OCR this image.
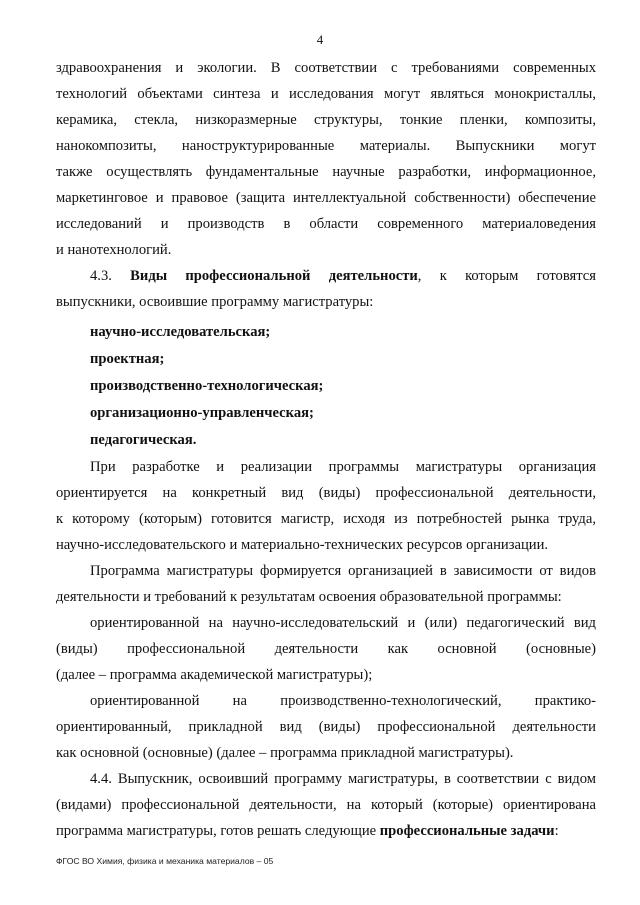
4
здравоохранения и экологии. В соответствии с требованиями современных
технологий объектами синтеза и исследования могут являться монокристаллы,
керамика, стекла, низкоразмерные структуры, тонкие пленки, композиты,
нанокомпозиты, наноструктурированные материалы. Выпускники могут
также осуществлять фундаментальные научные разработки, информационное,
маркетинговое и правовое (защита интеллектуальной собственности) обеспечение
исследований и производств в области современного материаловедения
и нанотехнологий.
4.3. Виды профессиональной деятельности, к которым готовятся
выпускники, освоившие программу магистратуры:
научно-исследовательская;
проектная;
производственно-технологическая;
организационно-управленческая;
педагогическая.
При разработке и реализации программы магистратуры организация
ориентируется на конкретный вид (виды) профессиональной деятельности,
к которому (которым) готовится магистр, исходя из потребностей рынка труда,
научно-исследовательского и материально-технических ресурсов организации.
Программа магистратуры формируется организацией в зависимости от видов
деятельности и требований к результатам освоения образовательной программы:
ориентированной на научно-исследовательский и (или) педагогический вид
(виды) профессиональной деятельности как основной (основные)
(далее – программа академической магистратуры);
ориентированной на производственно-технологический, практико-
ориентированный, прикладной вид (виды) профессиональной деятельности
как основной (основные) (далее – программа прикладной магистратуры).
4.4. Выпускник, освоивший программу магистратуры, в соответствии с видом
(видами) профессиональной деятельности, на который (которые) ориентирована
программа магистратуры, готов решать следующие профессиональные задачи:
ФГОС ВО Химия, физика и механика материалов – 05
